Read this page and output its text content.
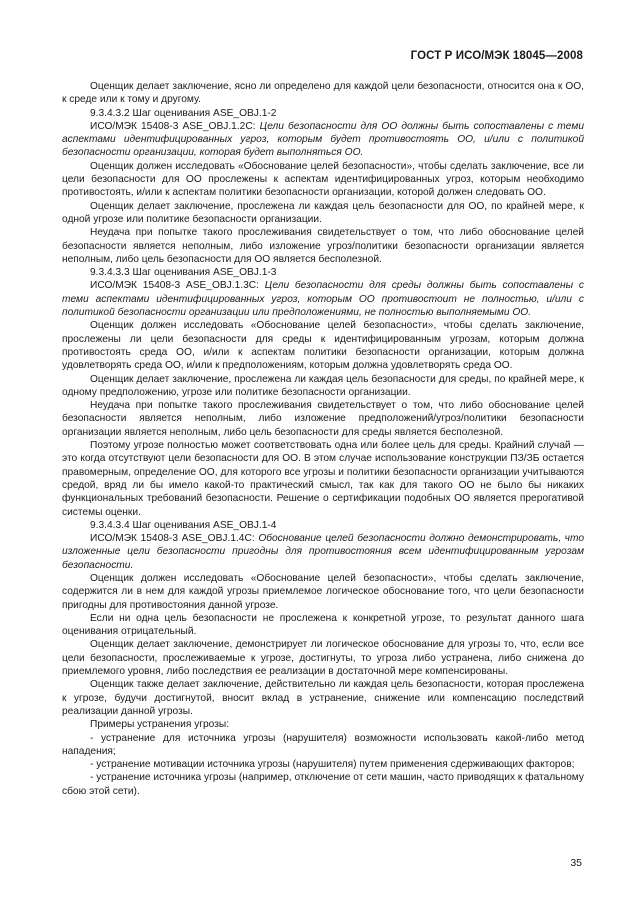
ГОСТ Р ИСО/МЭК 18045—2008

Оценщик делает заключение, ясно ли определено для каждой цели безопасности, относится она к ОО, к среде или к тому и другому.

9.3.4.3.2 Шаг оценивания ASE_OBJ.1-2

ИСО/МЭК 15408-3 ASE_OBJ.1.2С: Цели безопасности для ОО должны быть сопоставлены с теми аспектами идентифицированных угроз, которым будет противостоять ОО, и/или с политикой безопасности организации, которая будет выполняться ОО.

Оценщик должен исследовать «Обоснование целей безопасности», чтобы сделать заключение, все ли цели безопасности для ОО прослежены к аспектам идентифицированных угроз, которым необходимо противостоять, и/или к аспектам политики безопасности организации, которой должен следовать ОО.

Оценщик делает заключение, прослежена ли каждая цель безопасности для ОО, по крайней мере, к одной угрозе или политике безопасности организации.

Неудача при попытке такого прослеживания свидетельствует о том, что либо обоснование целей безопасности является неполным, либо изложение угроз/политики безопасности организации является неполным, либо цель безопасности для ОО является бесполезной.

9.3.4.3.3 Шаг оценивания ASE_OBJ.1-3

ИСО/МЭК 15408-3 ASE_OBJ.1.3С: Цели безопасности для среды должны быть сопоставлены с теми аспектами идентифицированных угроз, которым ОО противостоит не полностью, и/или с политикой безопасности организации или предположениями, не полностью выполняемыми ОО.

Оценщик должен исследовать «Обоснование целей безопасности», чтобы сделать заключение, прослежены ли цели безопасности для среды к идентифицированным угрозам, которым должна противостоять среда ОО, и/или к аспектам политики безопасности организации, которым должна удовлетворять среда ОО, и/или к предположениям, которым должна удовлетворять среда ОО.

Оценщик делает заключение, прослежена ли каждая цель безопасности для среды, по крайней мере, к одному предположению, угрозе или политике безопасности организации.

Неудача при попытке такого прослеживания свидетельствует о том, что либо обоснование целей безопасности является неполным, либо изложение предположений/угроз/политики безопасности организации является неполным, либо цель безопасности для среды является бесполезной.

Поэтому угрозе полностью может соответствовать одна или более цель для среды. Крайний случай — это когда отсутствуют цели безопасности для ОО. В этом случае использование конструкции ПЗ/ЗБ остается правомерным, определение ОО, для которого все угрозы и политики безопасности организации учитываются средой, вряд ли бы имело какой-то практический смысл, так как для такого ОО не было бы никаких функциональных требований безопасности. Решение о сертификации подобных ОО является прерогативой системы оценки.

9.3.4.3.4 Шаг оценивания ASE_OBJ.1-4

ИСО/МЭК 15408-3 ASE_OBJ.1.4С: Обоснование целей безопасности должно демонстрировать, что изложенные цели безопасности пригодны для противостояния всем идентифицированным угрозам безопасности.

Оценщик должен исследовать «Обоснование целей безопасности», чтобы сделать заключение, содержится ли в нем для каждой угрозы приемлемое логическое обоснование того, что цели безопасности пригодны для противостояния данной угрозе.

Если ни одна цель безопасности не прослежена к конкретной угрозе, то результат данного шага оценивания отрицательный.

Оценщик делает заключение, демонстрирует ли логическое обоснование для угрозы то, что, если все цели безопасности, прослеживаемые к угрозе, достигнуты, то угроза либо устранена, либо снижена до приемлемого уровня, либо последствия ее реализации в достаточной мере компенсированы.

Оценщик также делает заключение, действительно ли каждая цель безопасности, которая прослежена к угрозе, будучи достигнутой, вносит вклад в устранение, снижение или компенсацию последствий реализации данной угрозы.

Примеры устранения угрозы:

- устранение для источника угрозы (нарушителя) возможности использовать какой-либо метод нападения;

- устранение мотивации источника угрозы (нарушителя) путем применения сдерживающих факторов;

- устранение источника угрозы (например, отключение от сети машин, часто приводящих к фатальному сбою этой сети).

35
